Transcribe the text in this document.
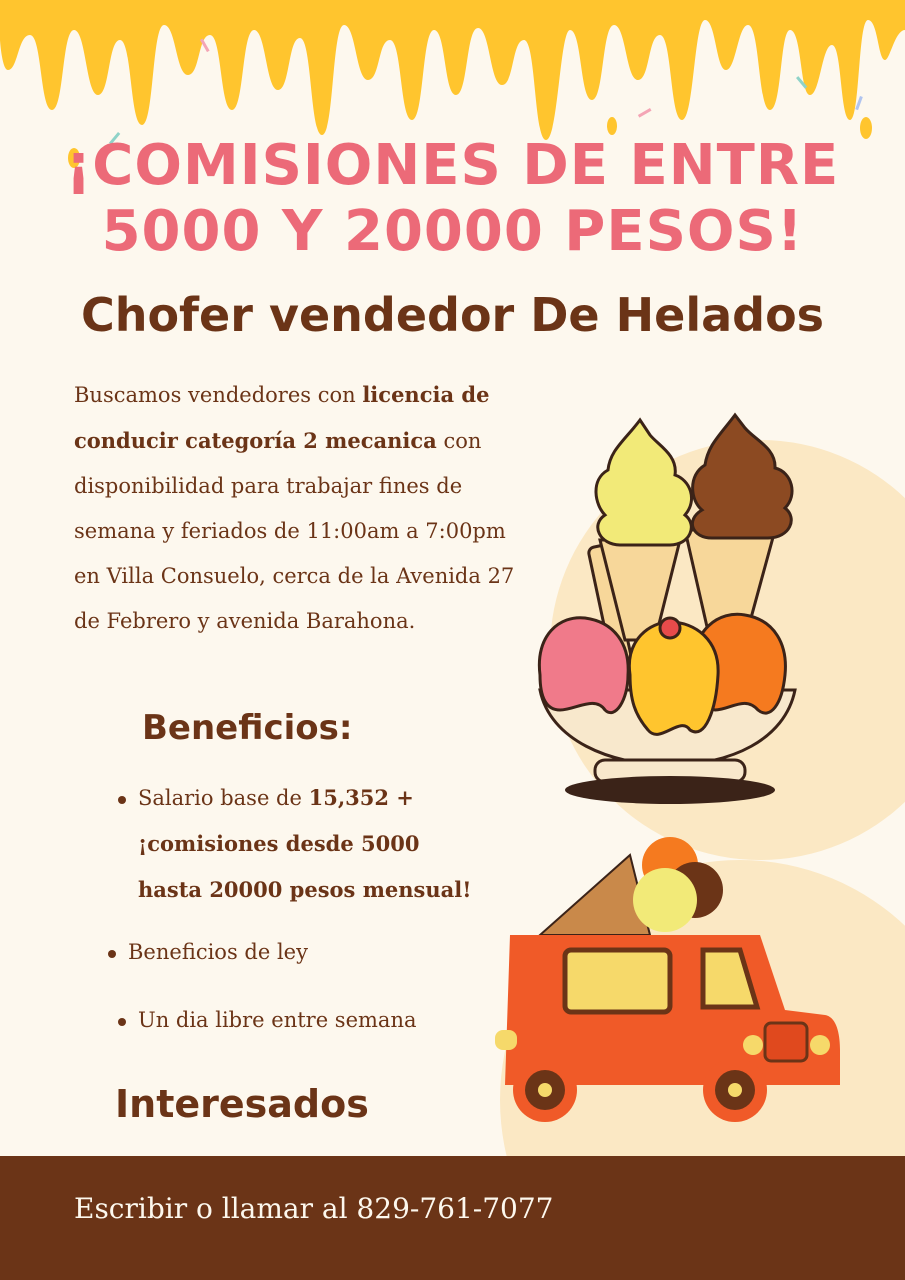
¡COMISIONES DE ENTRE
5000 Y 20000 PESOS!
Chofer vendedor De Helados
Buscamos vendedores con licencia de conducir categoría 2 mecanica con disponibilidad para trabajar fines de semana y feriados de 11:00am a 7:00pm en Villa Consuelo, cerca de la Avenida 27 de Febrero y avenida Barahona.
Beneficios:
Salario base de 15,352 +
¡comisiones desde 5000
hasta 20000 pesos mensual!
Beneficios de ley
Un dia libre entre semana
Interesados
Escribir o llamar al 829-761-7077
